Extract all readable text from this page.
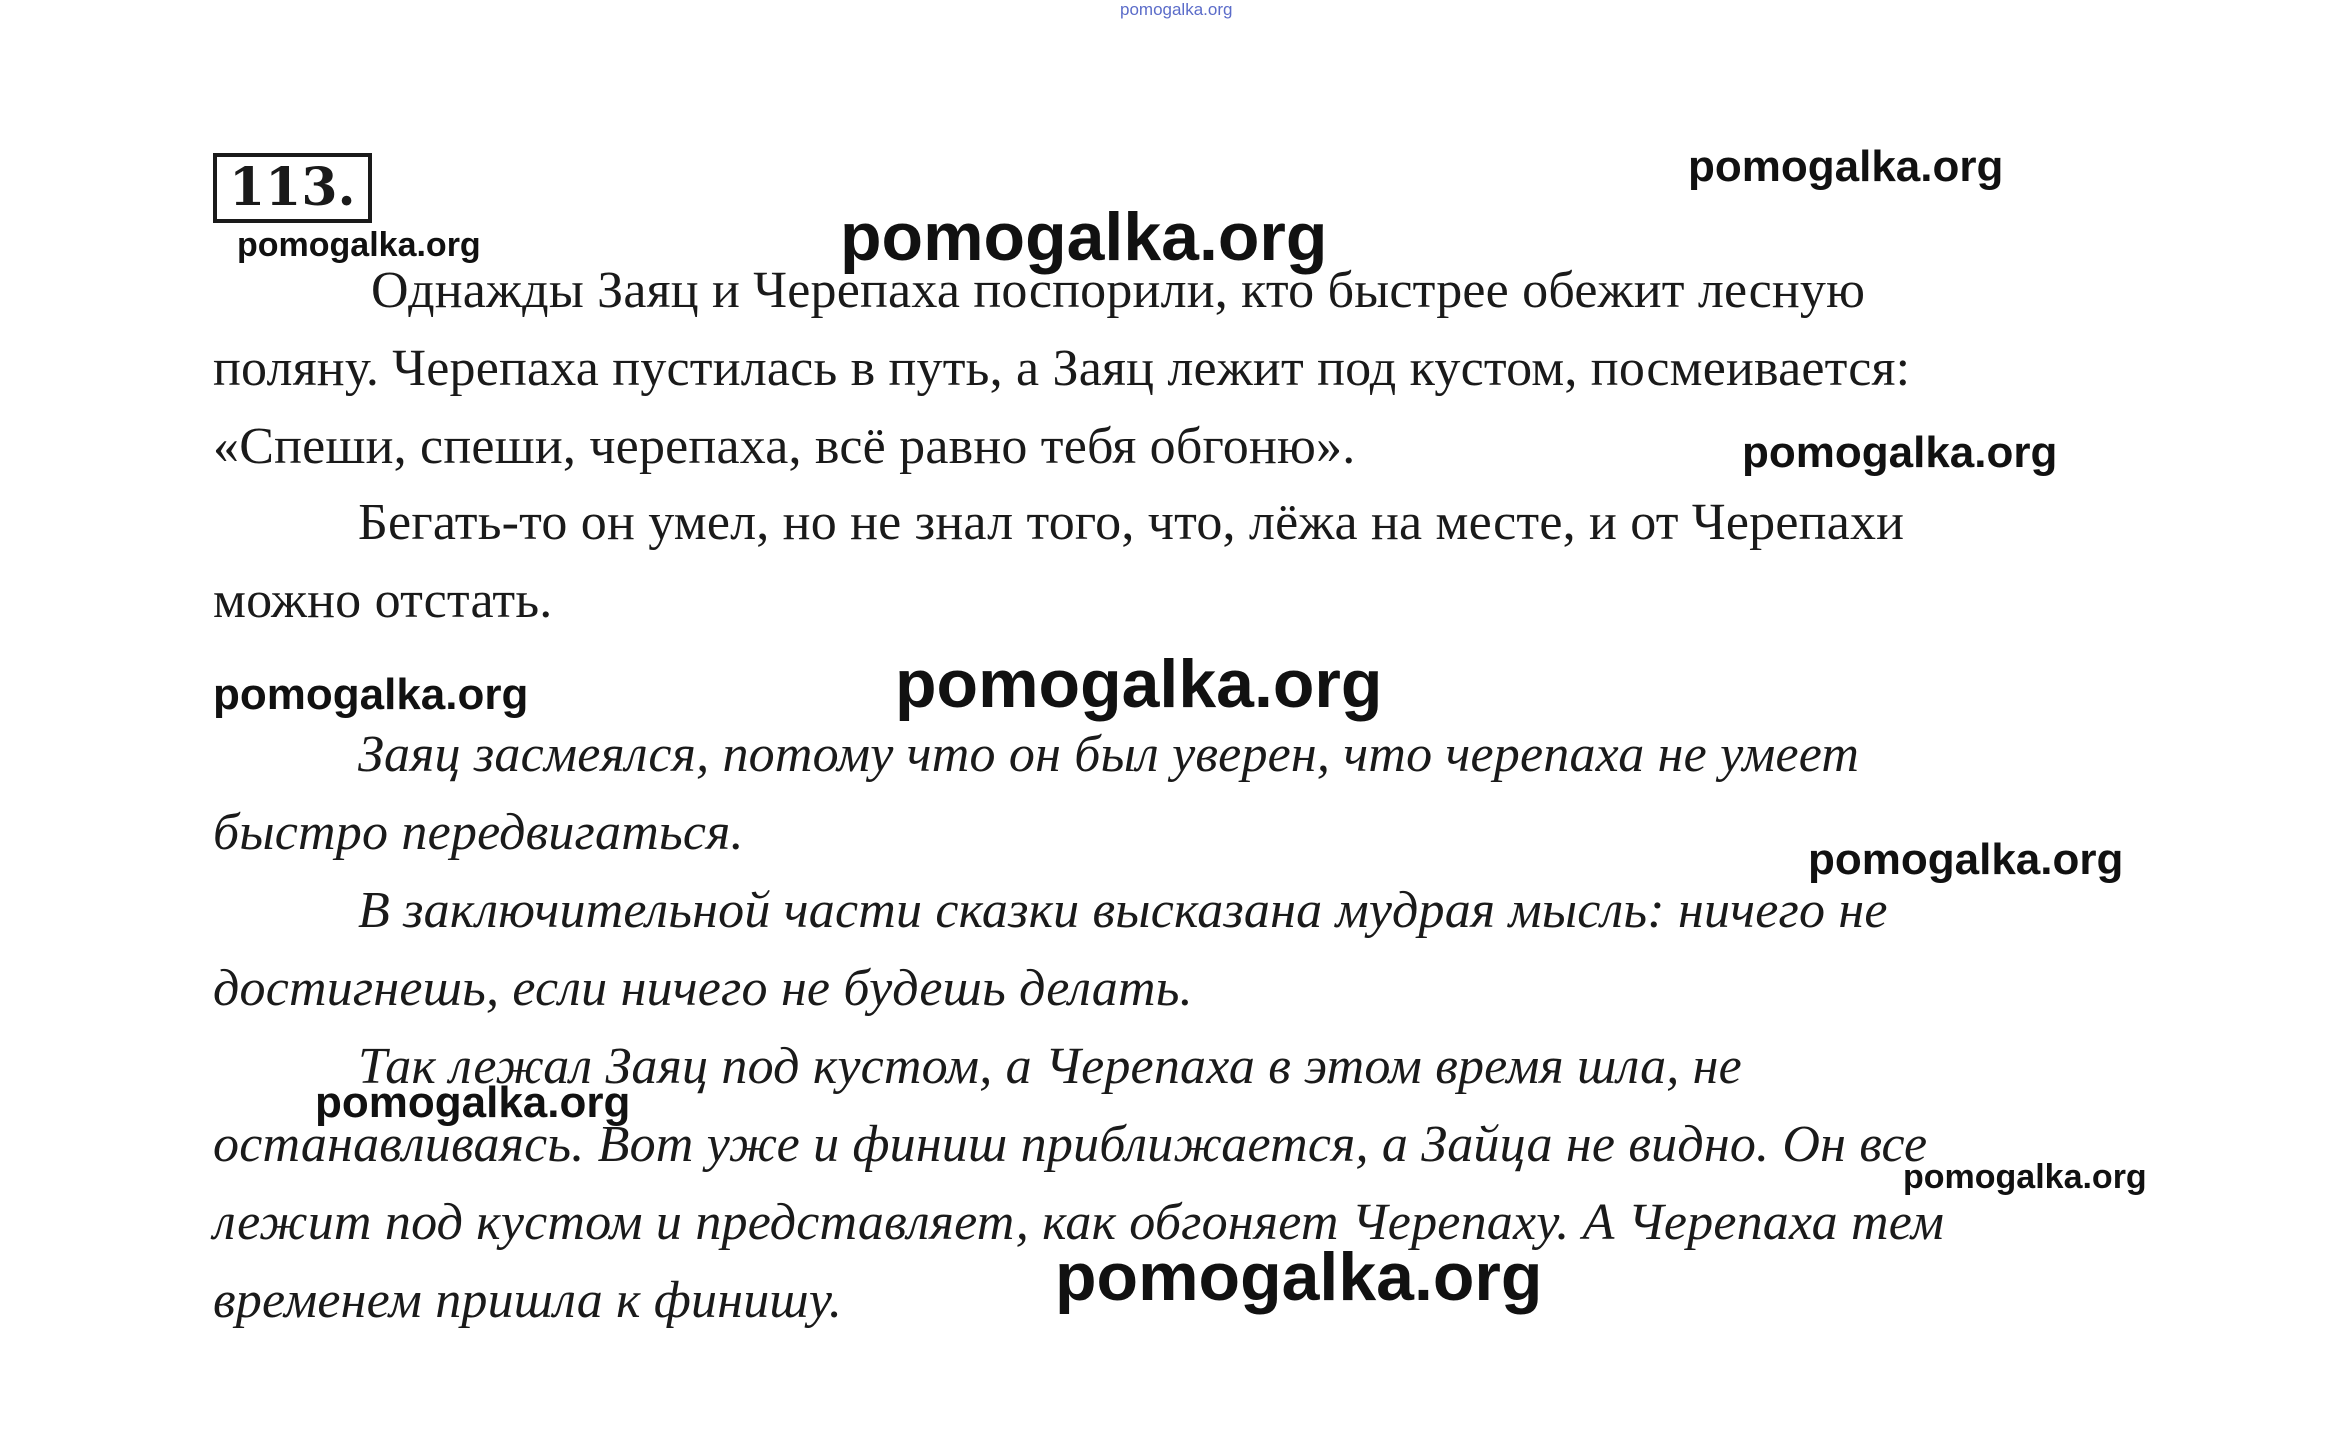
pomogalka.org
113.	pomogalka.org
pomogalka.org	pomogalka.org
Однажды Заяц и Черепаха поспорили, кто быстрее обежит лесную
поляну. Черепаха пустилась в путь, а Заяц лежит под кустом, посмеивается:
«Спеши, спеши, черепаха, всё равно тебя обгоню».	pomogalka.org
Бегать-то он умел, но не знал того, что, лёжа на месте, и от Черепахи
можно отстать.
pomogalka.org	pomogalka.org
Заяц засмеялся, потому что он был уверен, что черепаха не умеет
быстро передвигаться.	pomogalka.org
В заключительной части сказки высказана мудрая мысль: ничего не
достигнешь, если ничего не будешь делать.
Так лежал Заяц под кустом, а Черепаха в этом время шла, не
останавливаясь. Вот уже и финиш приближается, а Зайца не видно. Он все
лежит под кустом и представляет, как обгоняет Черепаху. А Черепаха тем
временем пришла к финишу.
pomogalka.org
pomogalka.org
pomogalka.org
